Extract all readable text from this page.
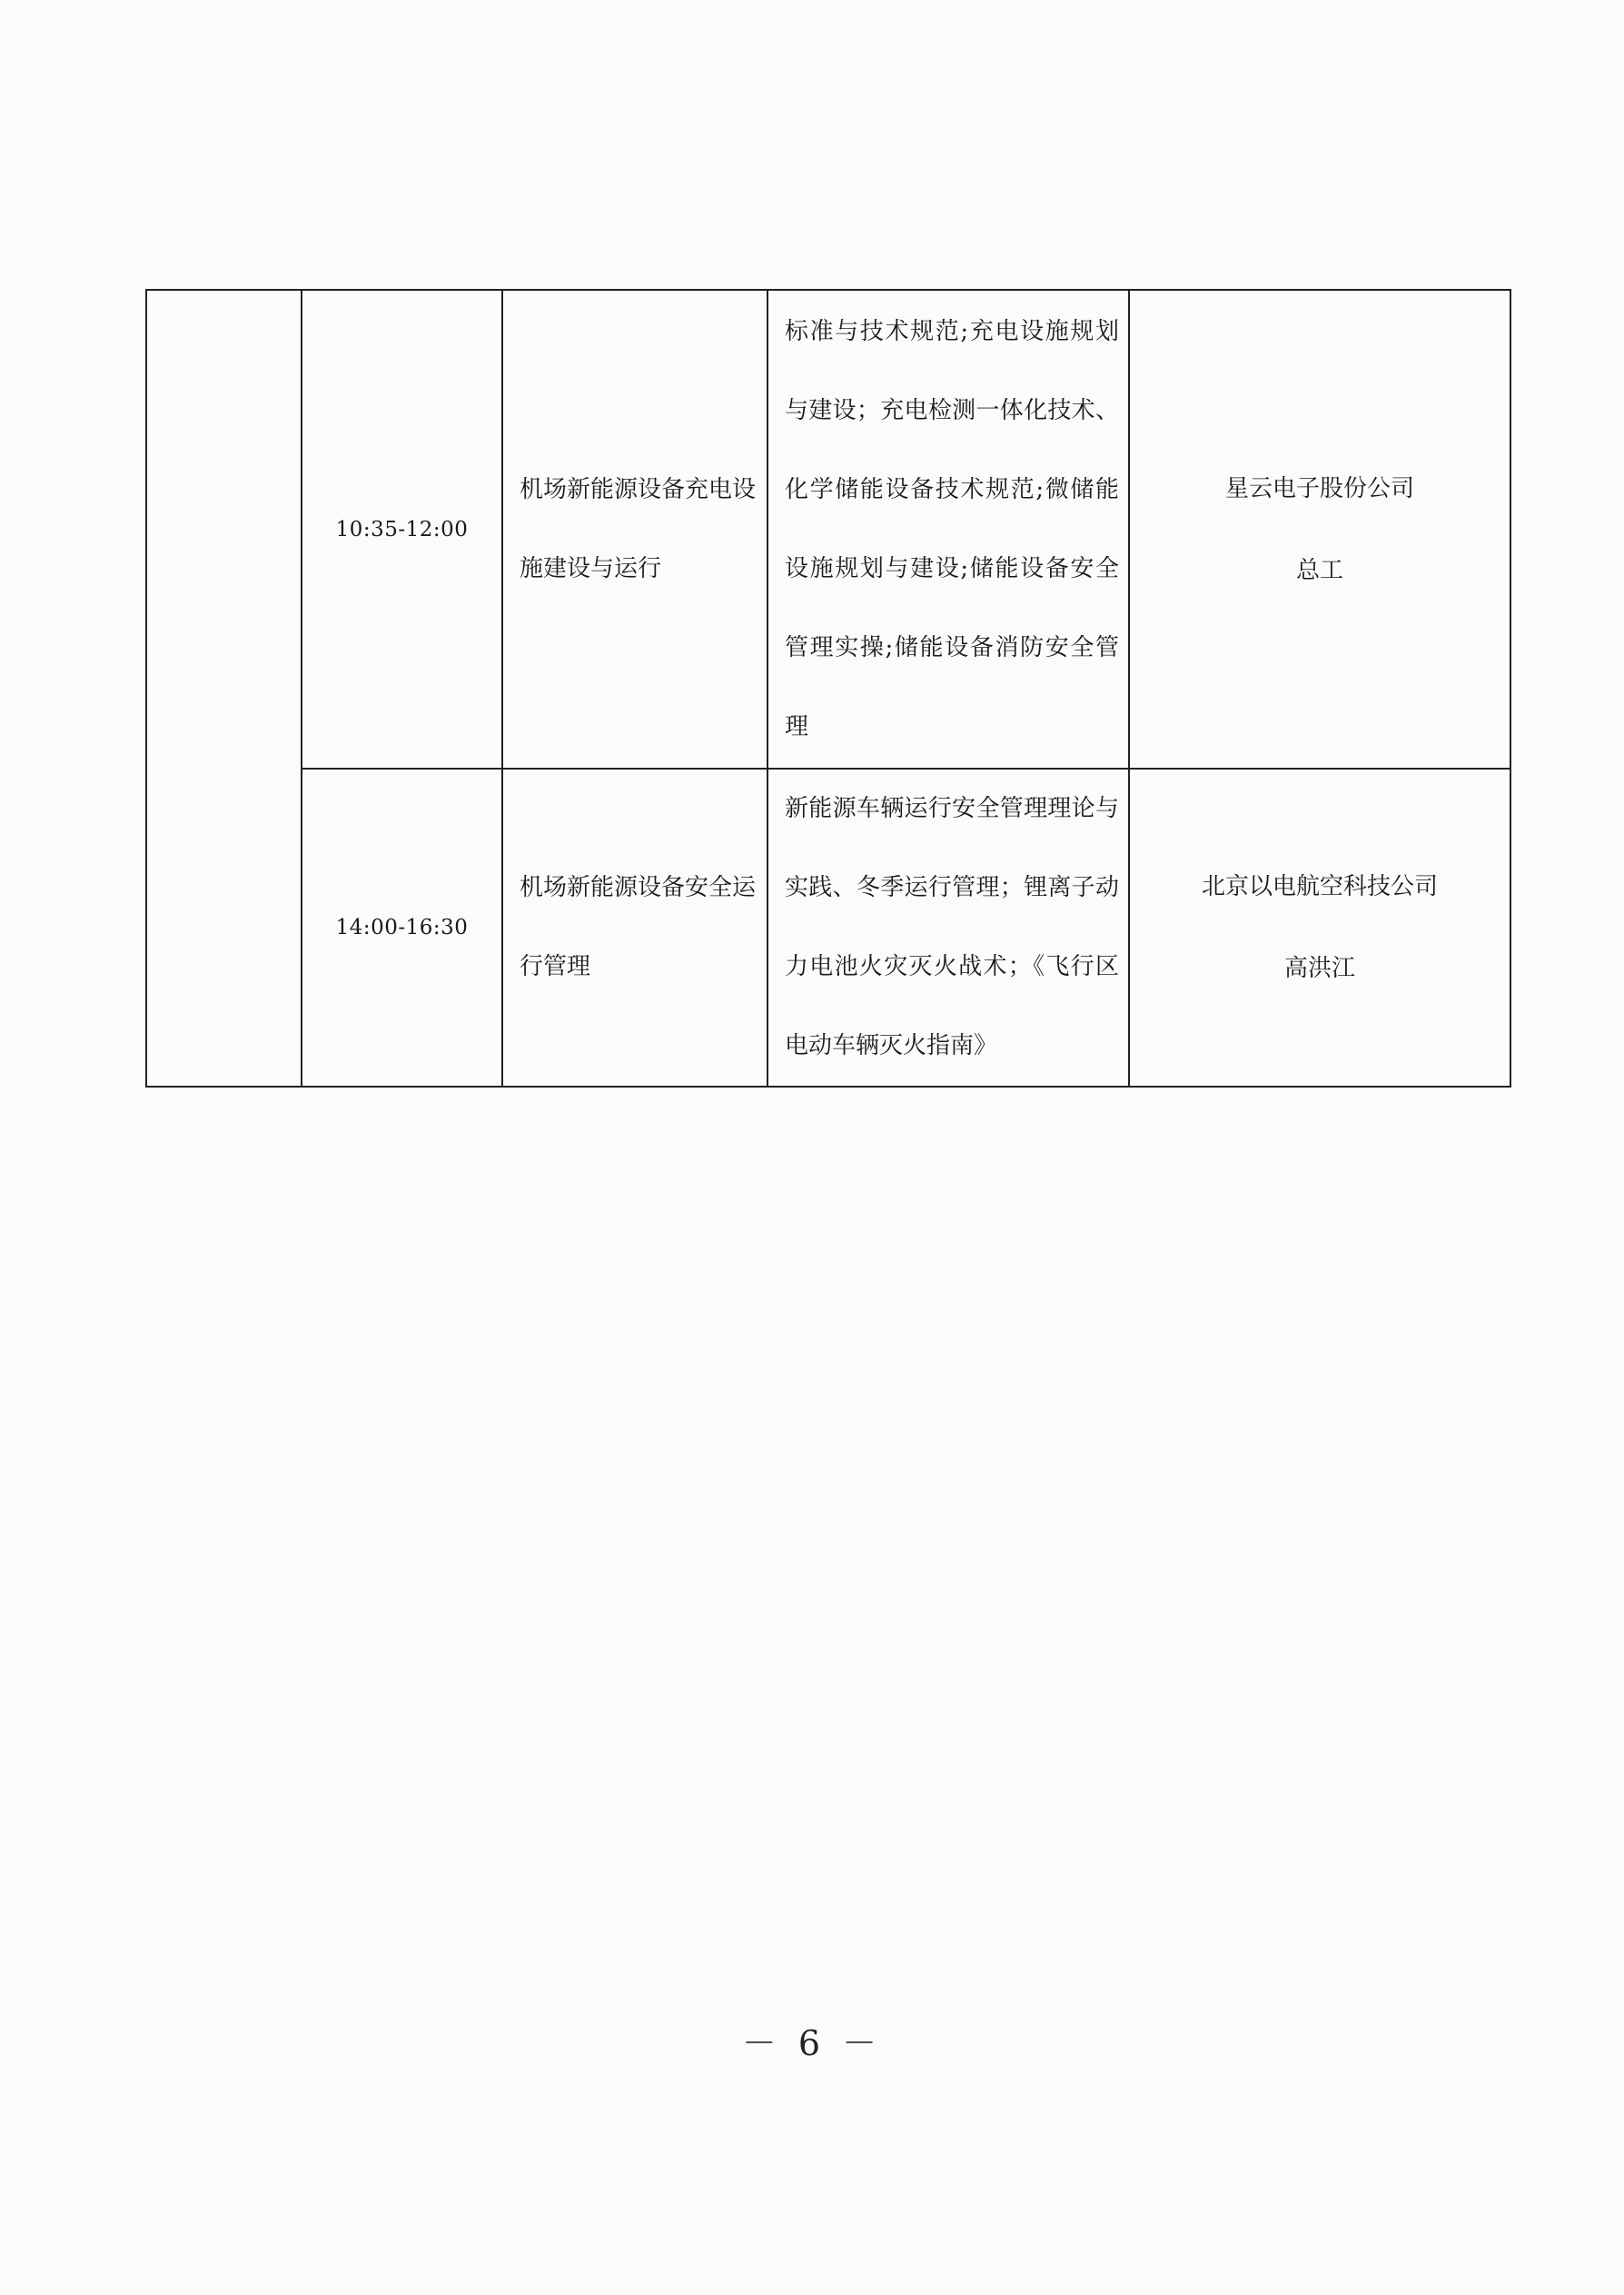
	10:35-12:00	机场新能源设备充电设施建设与运行	标准与技术规范;充电设施规划与建设；充电检测一体化技术、化学储能设备技术规范;微储能设施规划与建设;储能设备安全管理实操;储能设备消防安全管理	星云电子股份公司
总工

	14:00-16:30	机场新能源设备安全运行管理	新能源车辆运行安全管理理论与实践、冬季运行管理；锂离子动力电池火灾灭火战术；《飞行区电动车辆灭火指南》	北京以电航空科技公司
高洪江
－ 6 －
